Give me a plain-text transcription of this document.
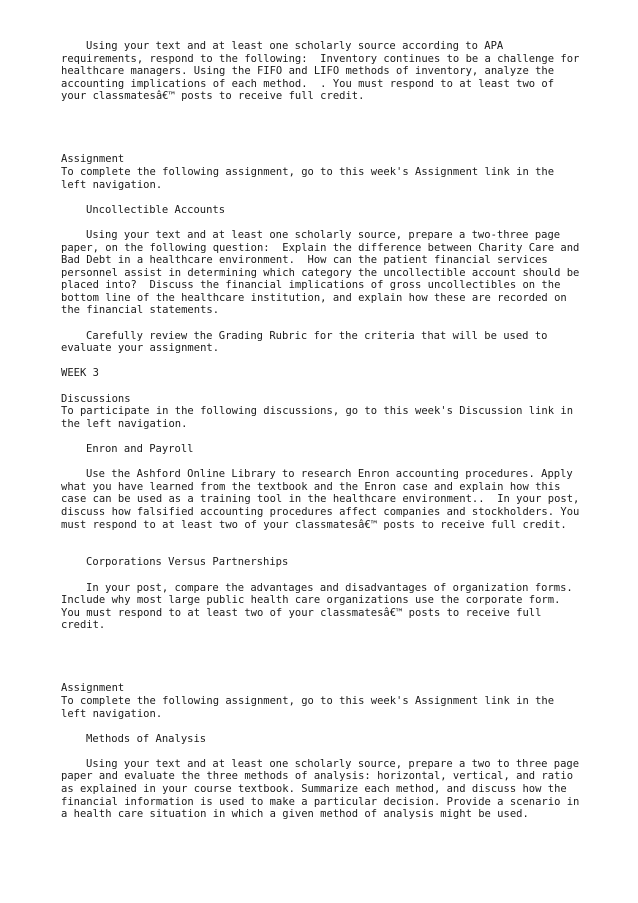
Using your text and at least one scholarly source according to APA requirements, respond to the following:  Inventory continues to be a challenge for healthcare managers. Using the FIFO and LIFO methods of inventory, analyze the accounting implications of each method.  . You must respond to at least two of your classmatesâ€™ posts to receive full credit.

Assignment
To complete the following assignment, go to this week's Assignment link in the left navigation.

Uncollectible Accounts

Using your text and at least one scholarly source, prepare a two-three page paper, on the following question:  Explain the difference between Charity Care and Bad Debt in a healthcare environment.  How can the patient financial services personnel assist in determining which category the uncollectible account should be placed into?  Discuss the financial implications of gross uncollectibles on the bottom line of the healthcare institution, and explain how these are recorded on the financial statements.

Carefully review the Grading Rubric for the criteria that will be used to evaluate your assignment.

WEEK 3

Discussions
To participate in the following discussions, go to this week's Discussion link in the left navigation.

Enron and Payroll

Use the Ashford Online Library to research Enron accounting procedures. Apply what you have learned from the textbook and the Enron case and explain how this case can be used as a training tool in the healthcare environment..  In your post, discuss how falsified accounting procedures affect companies and stockholders. You must respond to at least two of your classmatesâ€™ posts to receive full credit.

Corporations Versus Partnerships

In your post, compare the advantages and disadvantages of organization forms. Include why most large public health care organizations use the corporate form. You must respond to at least two of your classmatesâ€™ posts to receive full credit.

Assignment
To complete the following assignment, go to this week's Assignment link in the left navigation.

Methods of Analysis

Using your text and at least one scholarly source, prepare a two to three page paper and evaluate the three methods of analysis: horizontal, vertical, and ratio as explained in your course textbook. Summarize each method, and discuss how the financial information is used to make a particular decision. Provide a scenario in a health care situation in which a given method of analysis might be used.
